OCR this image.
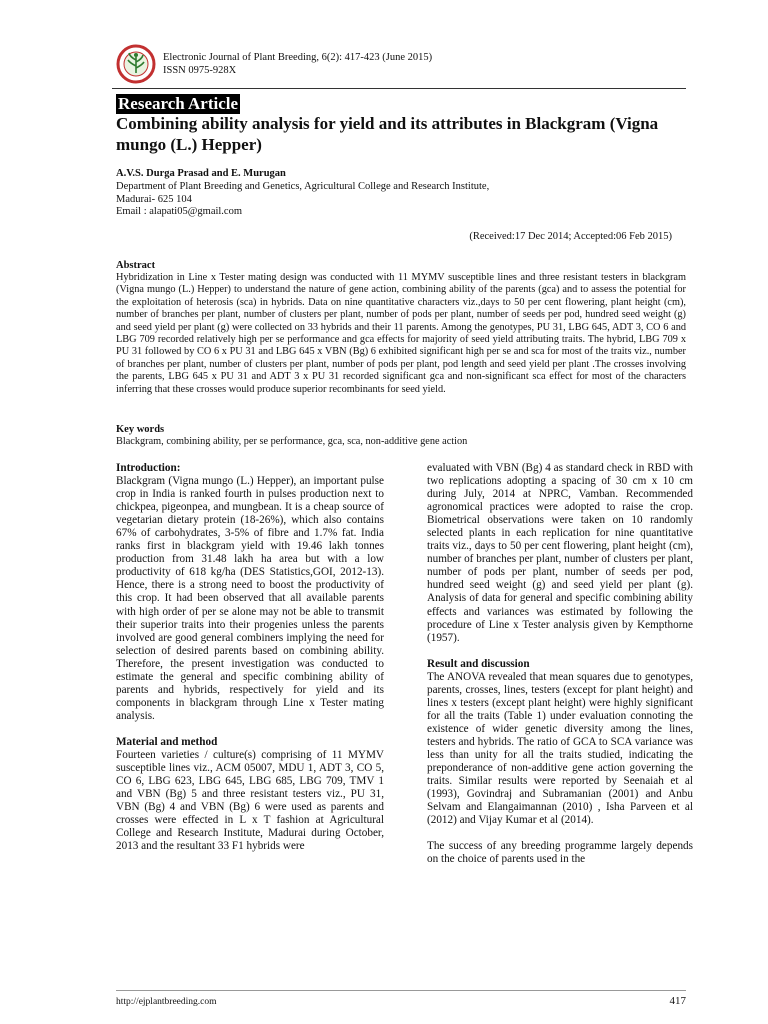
Electronic Journal of Plant Breeding, 6(2): 417-423 (June 2015)
ISSN 0975-928X
Research Article
Combining ability analysis for yield and its attributes in Blackgram (Vigna mungo (L.) Hepper)
A.V.S. Durga Prasad and E. Murugan
Department of Plant Breeding and Genetics, Agricultural College and Research Institute,
Madurai- 625 104
Email : alapati05@gmail.com
(Received:17 Dec 2014; Accepted:06 Feb 2015)
Abstract
Hybridization in Line x Tester mating design was conducted with 11 MYMV susceptible lines and three resistant testers in blackgram (Vigna mungo (L.) Hepper) to understand the nature of gene action, combining ability of the parents (gca) and to assess the potential for the exploitation of heterosis (sca) in hybrids. Data on nine quantitative characters viz.,days to 50 per cent flowering, plant height (cm), number of branches per plant, number of clusters per plant, number of pods per plant, number of seeds per pod, hundred seed weight (g) and seed yield per plant (g) were collected on 33 hybrids and their 11 parents. Among the genotypes, PU 31, LBG 645, ADT 3, CO 6 and LBG 709 recorded relatively high per se performance and gca effects for majority of seed yield attributing traits. The hybrid, LBG 709 x PU 31 followed by CO 6 x PU 31 and LBG 645 x VBN (Bg) 6 exhibited significant high per se and sca for most of the traits viz., number of branches per plant, number of clusters per plant, number of pods per plant, pod length and seed yield per plant .The crosses involving the parents, LBG 645 x PU 31 and ADT 3 x PU 31 recorded significant gca and non-significant sca effect for most of the characters inferring that these crosses would produce superior recombinants for seed yield.
Key words
Blackgram, combining ability, per se performance, gca, sca, non-additive gene action
Introduction:

Blackgram (Vigna mungo (L.) Hepper), an important pulse crop in India is ranked fourth in pulses production next to chickpea, pigeonpea, and mungbean. It is a cheap source of vegetarian dietary protein (18-26%), which also contains 67% of carbohydrates, 3-5% of fibre and 1.7% fat. India ranks first in blackgram yield with 19.46 lakh tonnes production from 31.48 lakh ha area but with a low productivity of 618 kg/ha (DES Statistics,GOI, 2012-13). Hence, there is a strong need to boost the productivity of this crop. It had been observed that all available parents with high order of per se alone may not be able to transmit their superior traits into their progenies unless the parents involved are good general combiners implying the need for selection of desired parents based on combining ability. Therefore, the present investigation was conducted to estimate the general and specific combining ability of parents and hybrids, respectively for yield and its components in blackgram through Line x Tester mating analysis.

Material and method

Fourteen varieties / culture(s) comprising of 11 MYMV susceptible lines viz., ACM 05007, MDU 1, ADT 3, CO 5, CO 6, LBG 623, LBG 645, LBG 685, LBG 709, TMV 1 and VBN (Bg) 5 and three resistant testers viz., PU 31, VBN (Bg) 4 and VBN (Bg) 6 were used as parents and crosses were effected in L x T fashion at Agricultural College and Research Institute, Madurai during October, 2013 and the resultant 33 F1 hybrids were

evaluated with VBN (Bg) 4 as standard check in RBD with two replications adopting a spacing of 30 cm x 10 cm during July, 2014 at NPRC, Vamban. Recommended agronomical practices were adopted to raise the crop. Biometrical observations were taken on 10 randomly selected plants in each replication for nine quantitative traits viz., days to 50 per cent flowering, plant height (cm), number of branches per plant, number of clusters per plant, number of pods per plant, number of seeds per pod, hundred seed weight (g) and seed yield per plant (g). Analysis of data for general and specific combining ability effects and variances was estimated by following the procedure of Line x Tester analysis given by Kempthorne (1957).

Result and discussion

The ANOVA revealed that mean squares due to genotypes, parents, crosses, lines, testers (except for plant height) and lines x testers (except plant height) were highly significant for all the traits (Table 1) under evaluation connoting the existence of wider genetic diversity among the lines, testers and hybrids. The ratio of GCA to SCA variance was less than unity for all the traits studied, indicating the preponderance of non-additive gene action governing the traits. Similar results were reported by Seenaiah et al (1993), Govindraj and Subramanian (2001) and Anbu Selvam and Elangaimannan (2010) , Isha Parveen et al (2012) and Vijay Kumar et al (2014).

The success of any breeding programme largely depends on the choice of parents used in the

http://ejplantbreeding.com	417
